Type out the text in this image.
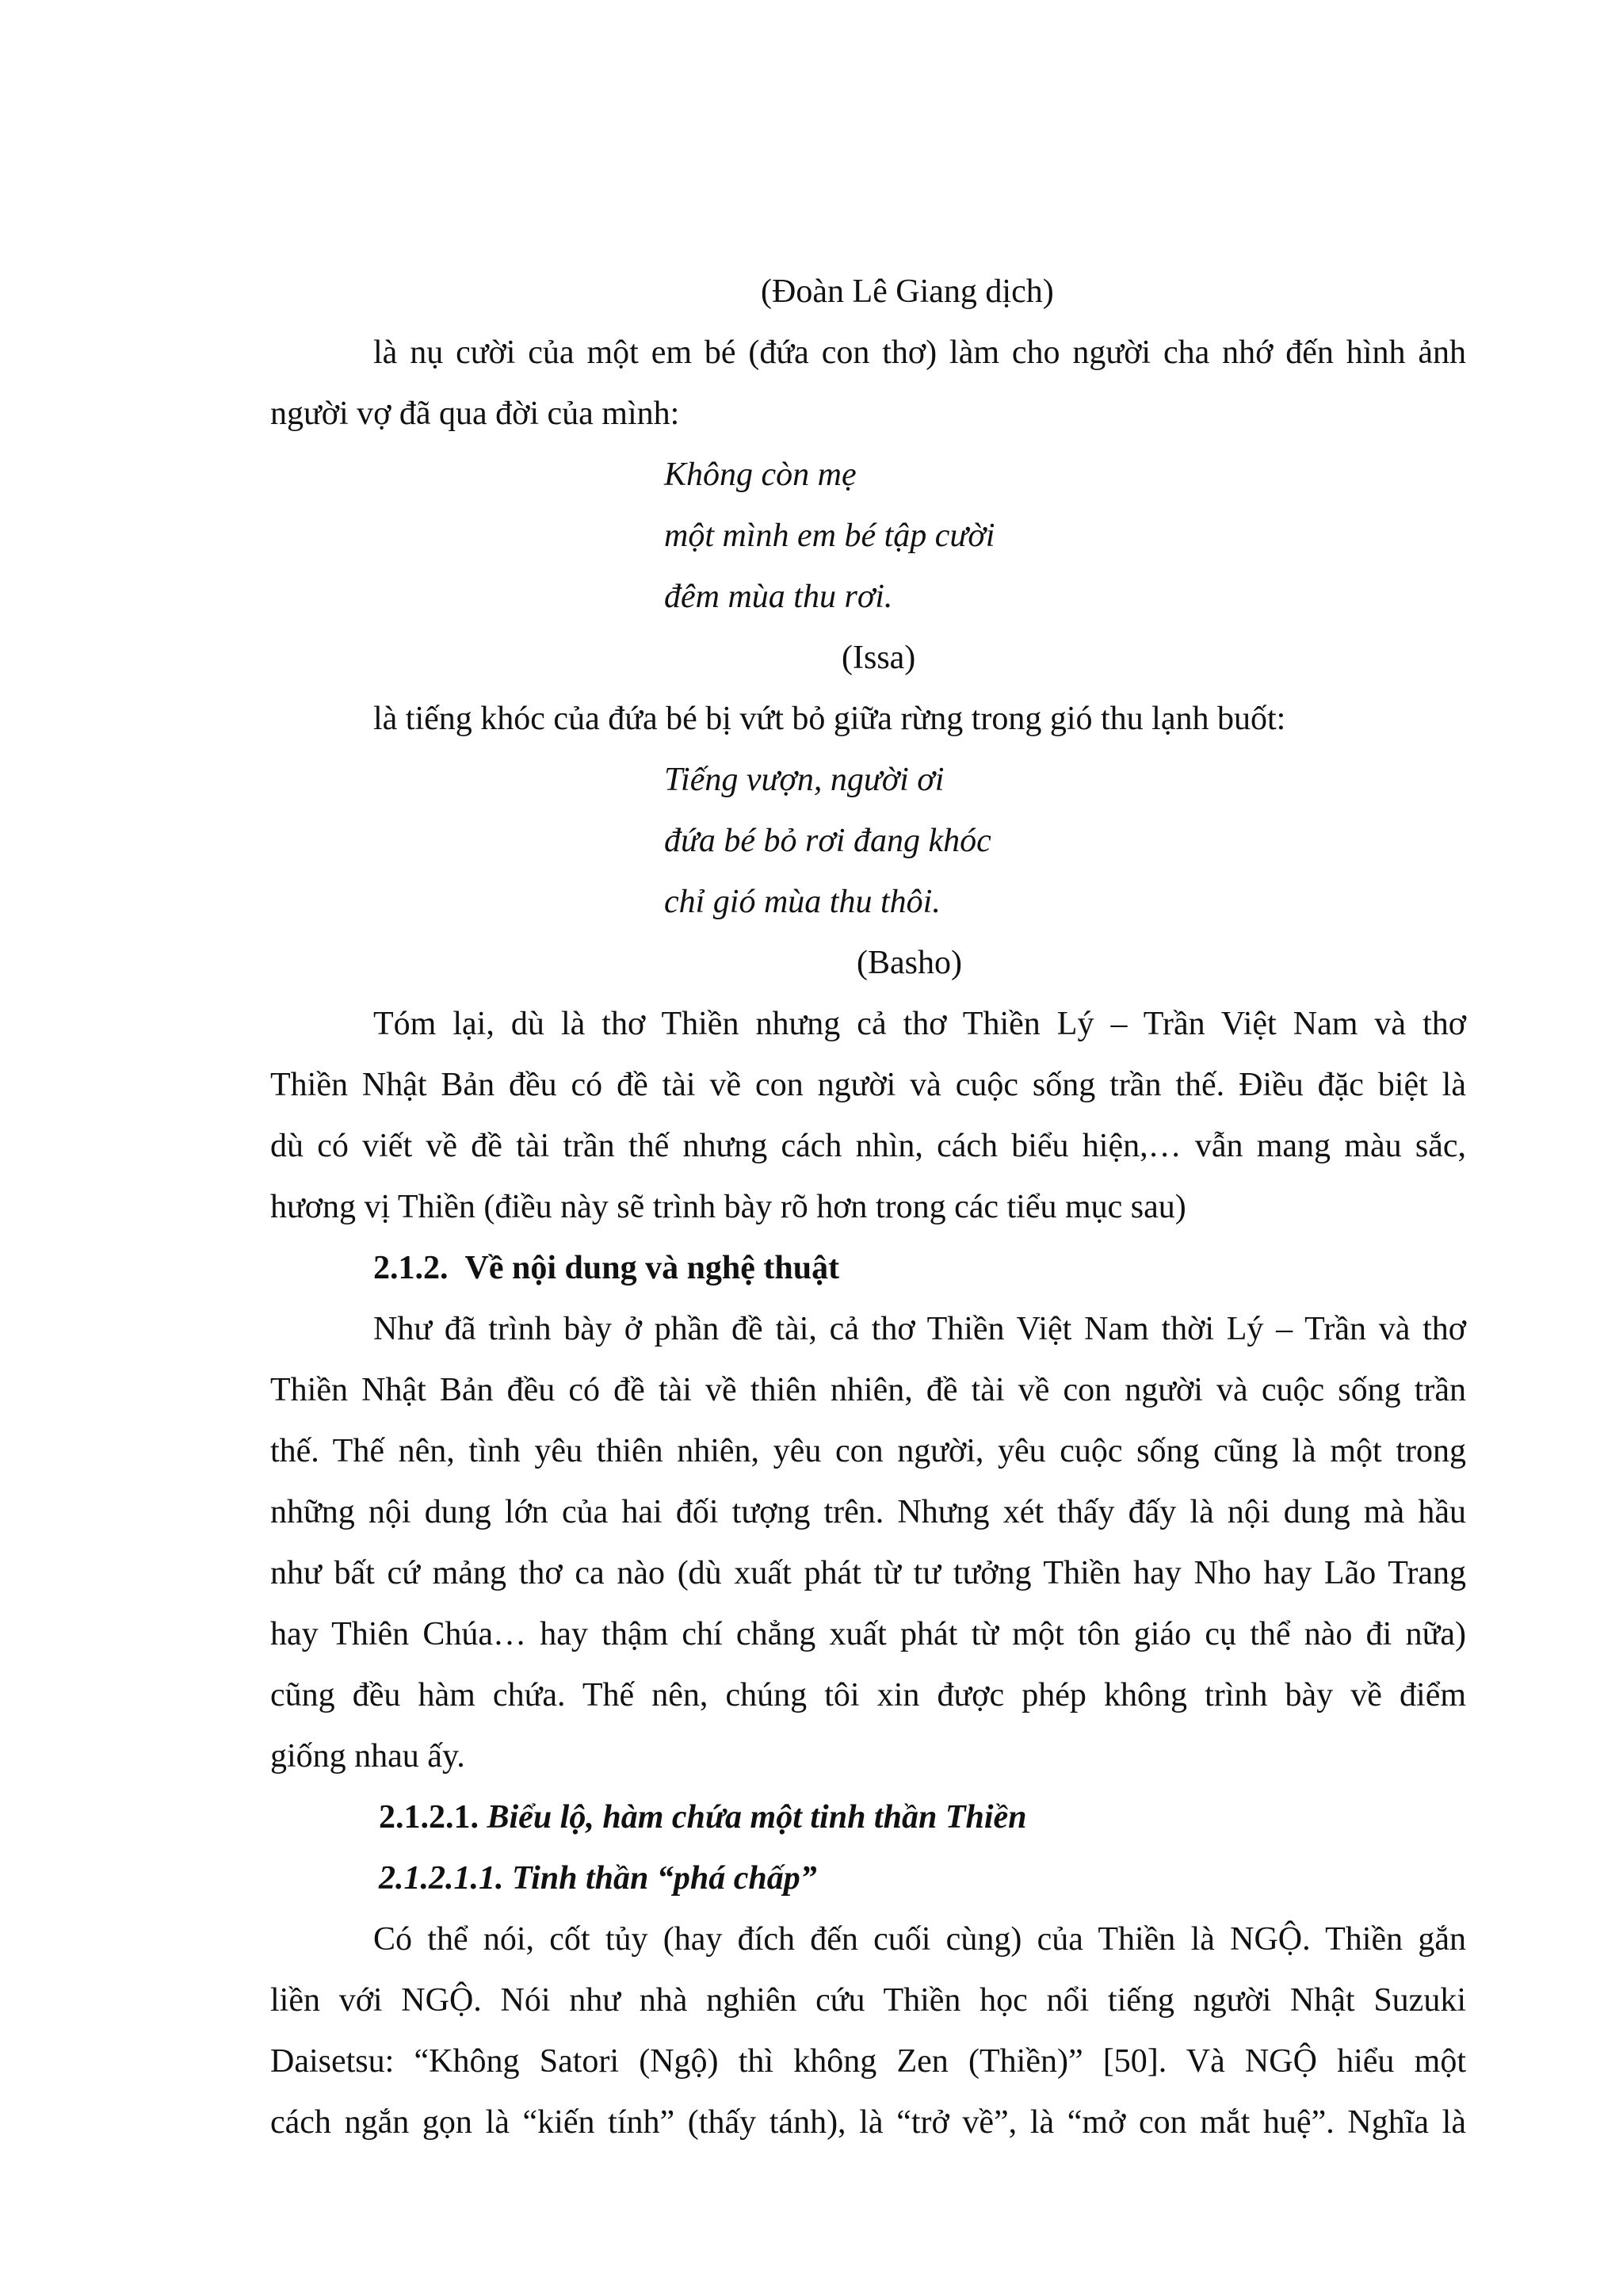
(Đoàn Lê Giang dịch)
là nụ cười của một em bé (đứa con thơ) làm cho người cha nhớ đến hình ảnh
người vợ đã qua đời của mình:
Không còn mẹ
một mình em bé tập cười
đêm mùa thu rơi.
(Issa)
là tiếng khóc của đứa bé bị vứt bỏ giữa rừng trong gió thu lạnh buốt:
Tiếng vượn, người ơi
đứa bé bỏ rơi đang khóc
chỉ gió mùa thu thôi.
(Basho)
Tóm lại, dù là thơ Thiền nhưng cả thơ Thiền Lý – Trần Việt Nam và thơ
Thiền Nhật Bản đều có đề tài về con người và cuộc sống trần thế. Điều đặc biệt là
dù có viết về đề tài trần thế nhưng cách nhìn, cách biểu hiện,… vẫn mang màu sắc,
hương vị Thiền (điều này sẽ trình bày rõ hơn trong các tiểu mục sau)
2.1.2. Về nội dung và nghệ thuật
Như đã trình bày ở phần đề tài, cả thơ Thiền Việt Nam thời Lý – Trần và thơ
Thiền Nhật Bản đều có đề tài về thiên nhiên, đề tài về con người và cuộc sống trần
thế. Thế nên, tình yêu thiên nhiên, yêu con người, yêu cuộc sống cũng là một trong
những nội dung lớn của hai đối tượng trên. Nhưng xét thấy đấy là nội dung mà hầu
như bất cứ mảng thơ ca nào (dù xuất phát từ tư tưởng Thiền hay Nho hay Lão Trang
hay Thiên Chúa… hay thậm chí chẳng xuất phát từ một tôn giáo cụ thể nào đi nữa)
cũng đều hàm chứa. Thế nên, chúng tôi xin được phép không trình bày về điểm
giống nhau ấy.
2.1.2.1. Biểu lộ, hàm chứa một tinh thần Thiền
2.1.2.1.1. Tinh thần “phá chấp”
Có thể nói, cốt tủy (hay đích đến cuối cùng) của Thiền là NGỘ. Thiền gắn
liền với NGỘ. Nói như nhà nghiên cứu Thiền học nổi tiếng người Nhật Suzuki
Daisetsu: “Không Satori (Ngộ) thì không Zen (Thiền)” [50]. Và NGỘ hiểu một
cách ngắn gọn là “kiến tính” (thấy tánh), là “trở về”, là “mở con mắt huệ”. Nghĩa là
